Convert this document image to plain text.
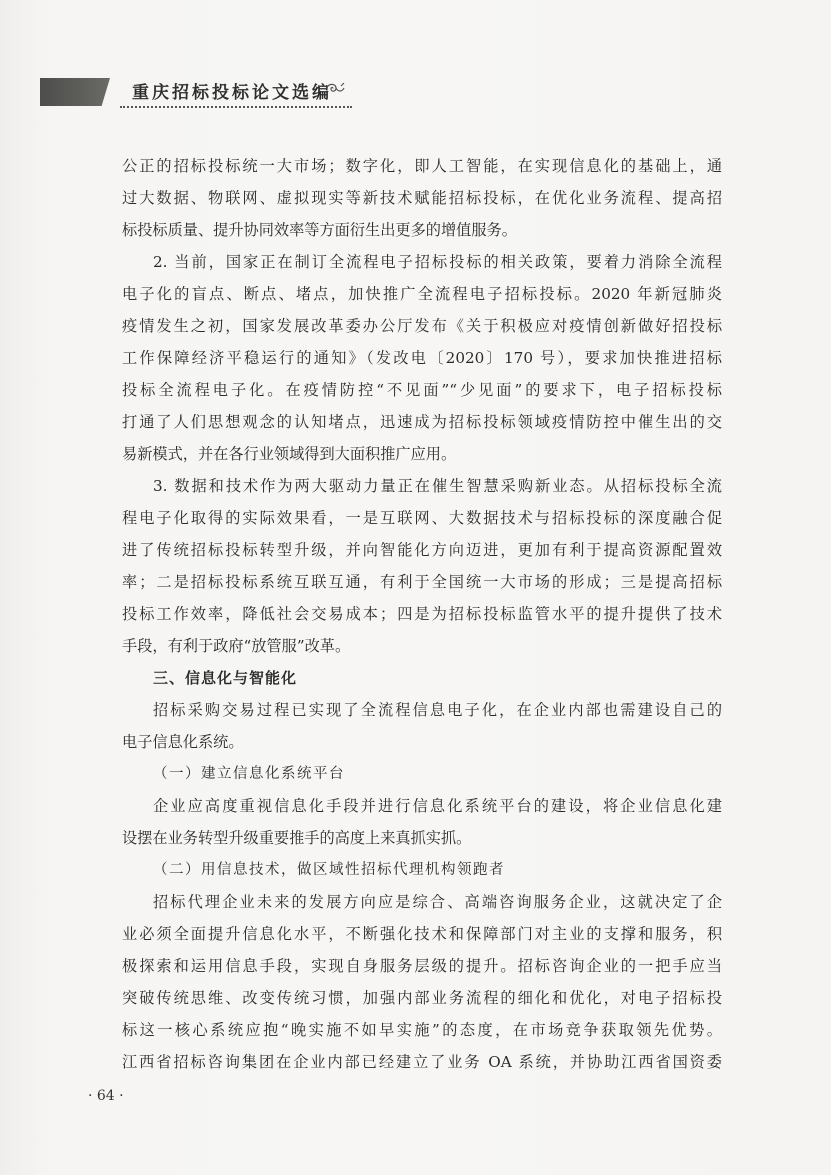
重庆招标投标论文选编
公正的招标投标统一大市场；数字化，即人工智能，在实现信息化的基础上，通
过大数据、物联网、虚拟现实等新技术赋能招标投标，在优化业务流程、提高招
标投标质量、提升协同效率等方面衍生出更多的增值服务。
2. 当前，国家正在制订全流程电子招标投标的相关政策，要着力消除全流程
电子化的盲点、断点、堵点，加快推广全流程电子招标投标。2020 年新冠肺炎
疫情发生之初，国家发展改革委办公厅发布《关于积极应对疫情创新做好招投标
工作保障经济平稳运行的通知》（发改电〔2020〕170 号），要求加快推进招标
投标全流程电子化。在疫情防控“不见面”“少见面”的要求下，电子招标投标
打通了人们思想观念的认知堵点，迅速成为招标投标领域疫情防控中催生出的交
易新模式，并在各行业领域得到大面积推广应用。
3. 数据和技术作为两大驱动力量正在催生智慧采购新业态。从招标投标全流
程电子化取得的实际效果看，一是互联网、大数据技术与招标投标的深度融合促
进了传统招标投标转型升级，并向智能化方向迈进，更加有利于提高资源配置效
率；二是招标投标系统互联互通，有利于全国统一大市场的形成；三是提高招标
投标工作效率，降低社会交易成本；四是为招标投标监管水平的提升提供了技术
手段，有利于政府“放管服”改革。
三、信息化与智能化
招标采购交易过程已实现了全流程信息电子化，在企业内部也需建设自己的
电子信息化系统。
（一）建立信息化系统平台
企业应高度重视信息化手段并进行信息化系统平台的建设，将企业信息化建
设摆在业务转型升级重要推手的高度上来真抓实抓。
（二）用信息技术，做区域性招标代理机构领跑者
招标代理企业未来的发展方向应是综合、高端咨询服务企业，这就决定了企
业必须全面提升信息化水平，不断强化技术和保障部门对主业的支撑和服务，积
极探索和运用信息手段，实现自身服务层级的提升。招标咨询企业的一把手应当
突破传统思维、改变传统习惯，加强内部业务流程的细化和优化，对电子招标投
标这一核心系统应抱“晚实施不如早实施”的态度，在市场竞争获取领先优势。
江西省招标咨询集团在企业内部已经建立了业务 OA 系统，并协助江西省国资委
· 64 ·
